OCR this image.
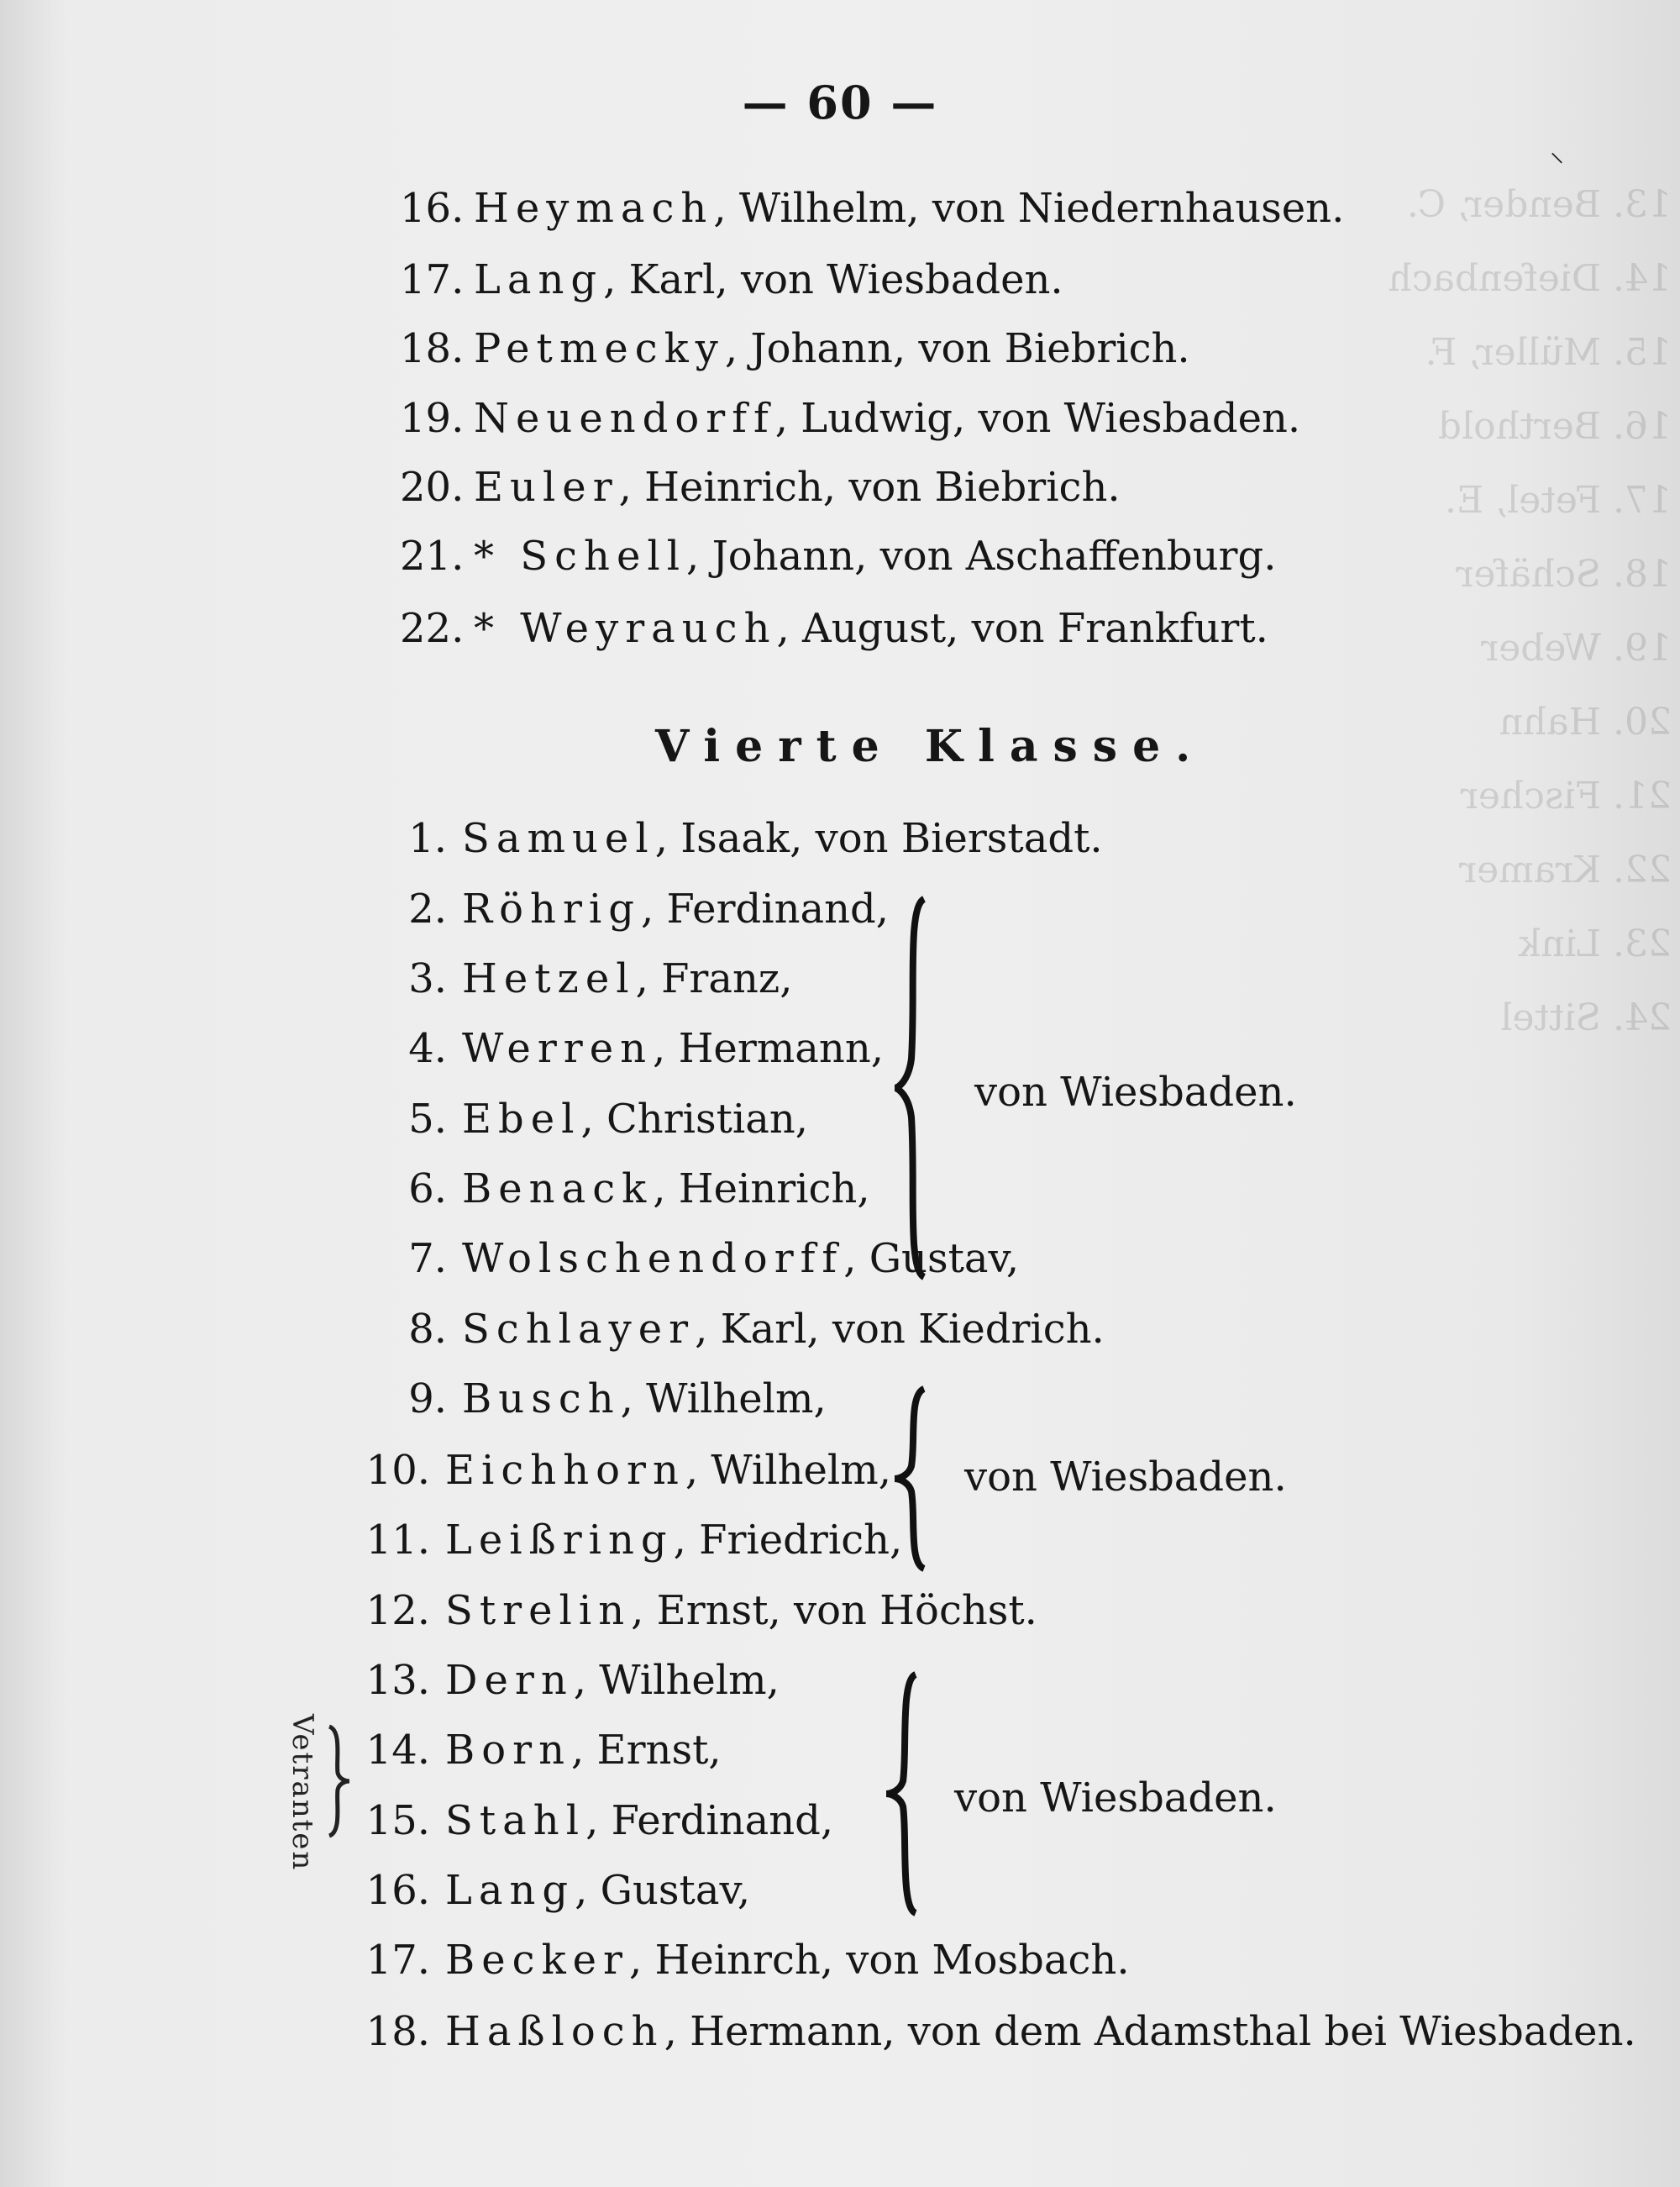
13. Bender, C.
14. Diefenbach
15. Müller, F.
16. Berthold
17. Fetel, E.
18. Schäfer
19. Weber
20. Hahn
21. Fischer
22. Kramer
23. Link
24. Sittel
— 60 —
16. Heymach, Wilhelm, von Niedernhausen.
17. Lang, Karl, von Wiesbaden.
18. Petmecky, Johann, von Biebrich.
19. Neuendorff, Ludwig, von Wiesbaden.
20. Euler, Heinrich, von Biebrich.
21. * Schell, Johann, von Aschaffenburg.
22. * Weyrauch, August, von Frankfurt.
Vierte Klasse.
1. Samuel, Isaak, von Bierstadt.
2. Röhrig, Ferdinand,
3. Hetzel, Franz,
4. Werren, Hermann,
5. Ebel, Christian,
6. Benack, Heinrich,
7. Wolschendorff, Gustav,
8. Schlayer, Karl, von Kiedrich.
9. Busch, Wilhelm,
10. Eichhorn, Wilhelm,
11. Leißring, Friedrich,
12. Strelin, Ernst, von Höchst.
13. Dern, Wilhelm,
14. Born, Ernst,
15. Stahl, Ferdinand,
16. Lang, Gustav,
17. Becker, Heinrch, von Mosbach.
18. Haßloch, Hermann, von dem Adamsthal bei Wiesbaden.
von Wiesbaden.
von Wiesbaden.
von Wiesbaden.
Vetranten
⸌
